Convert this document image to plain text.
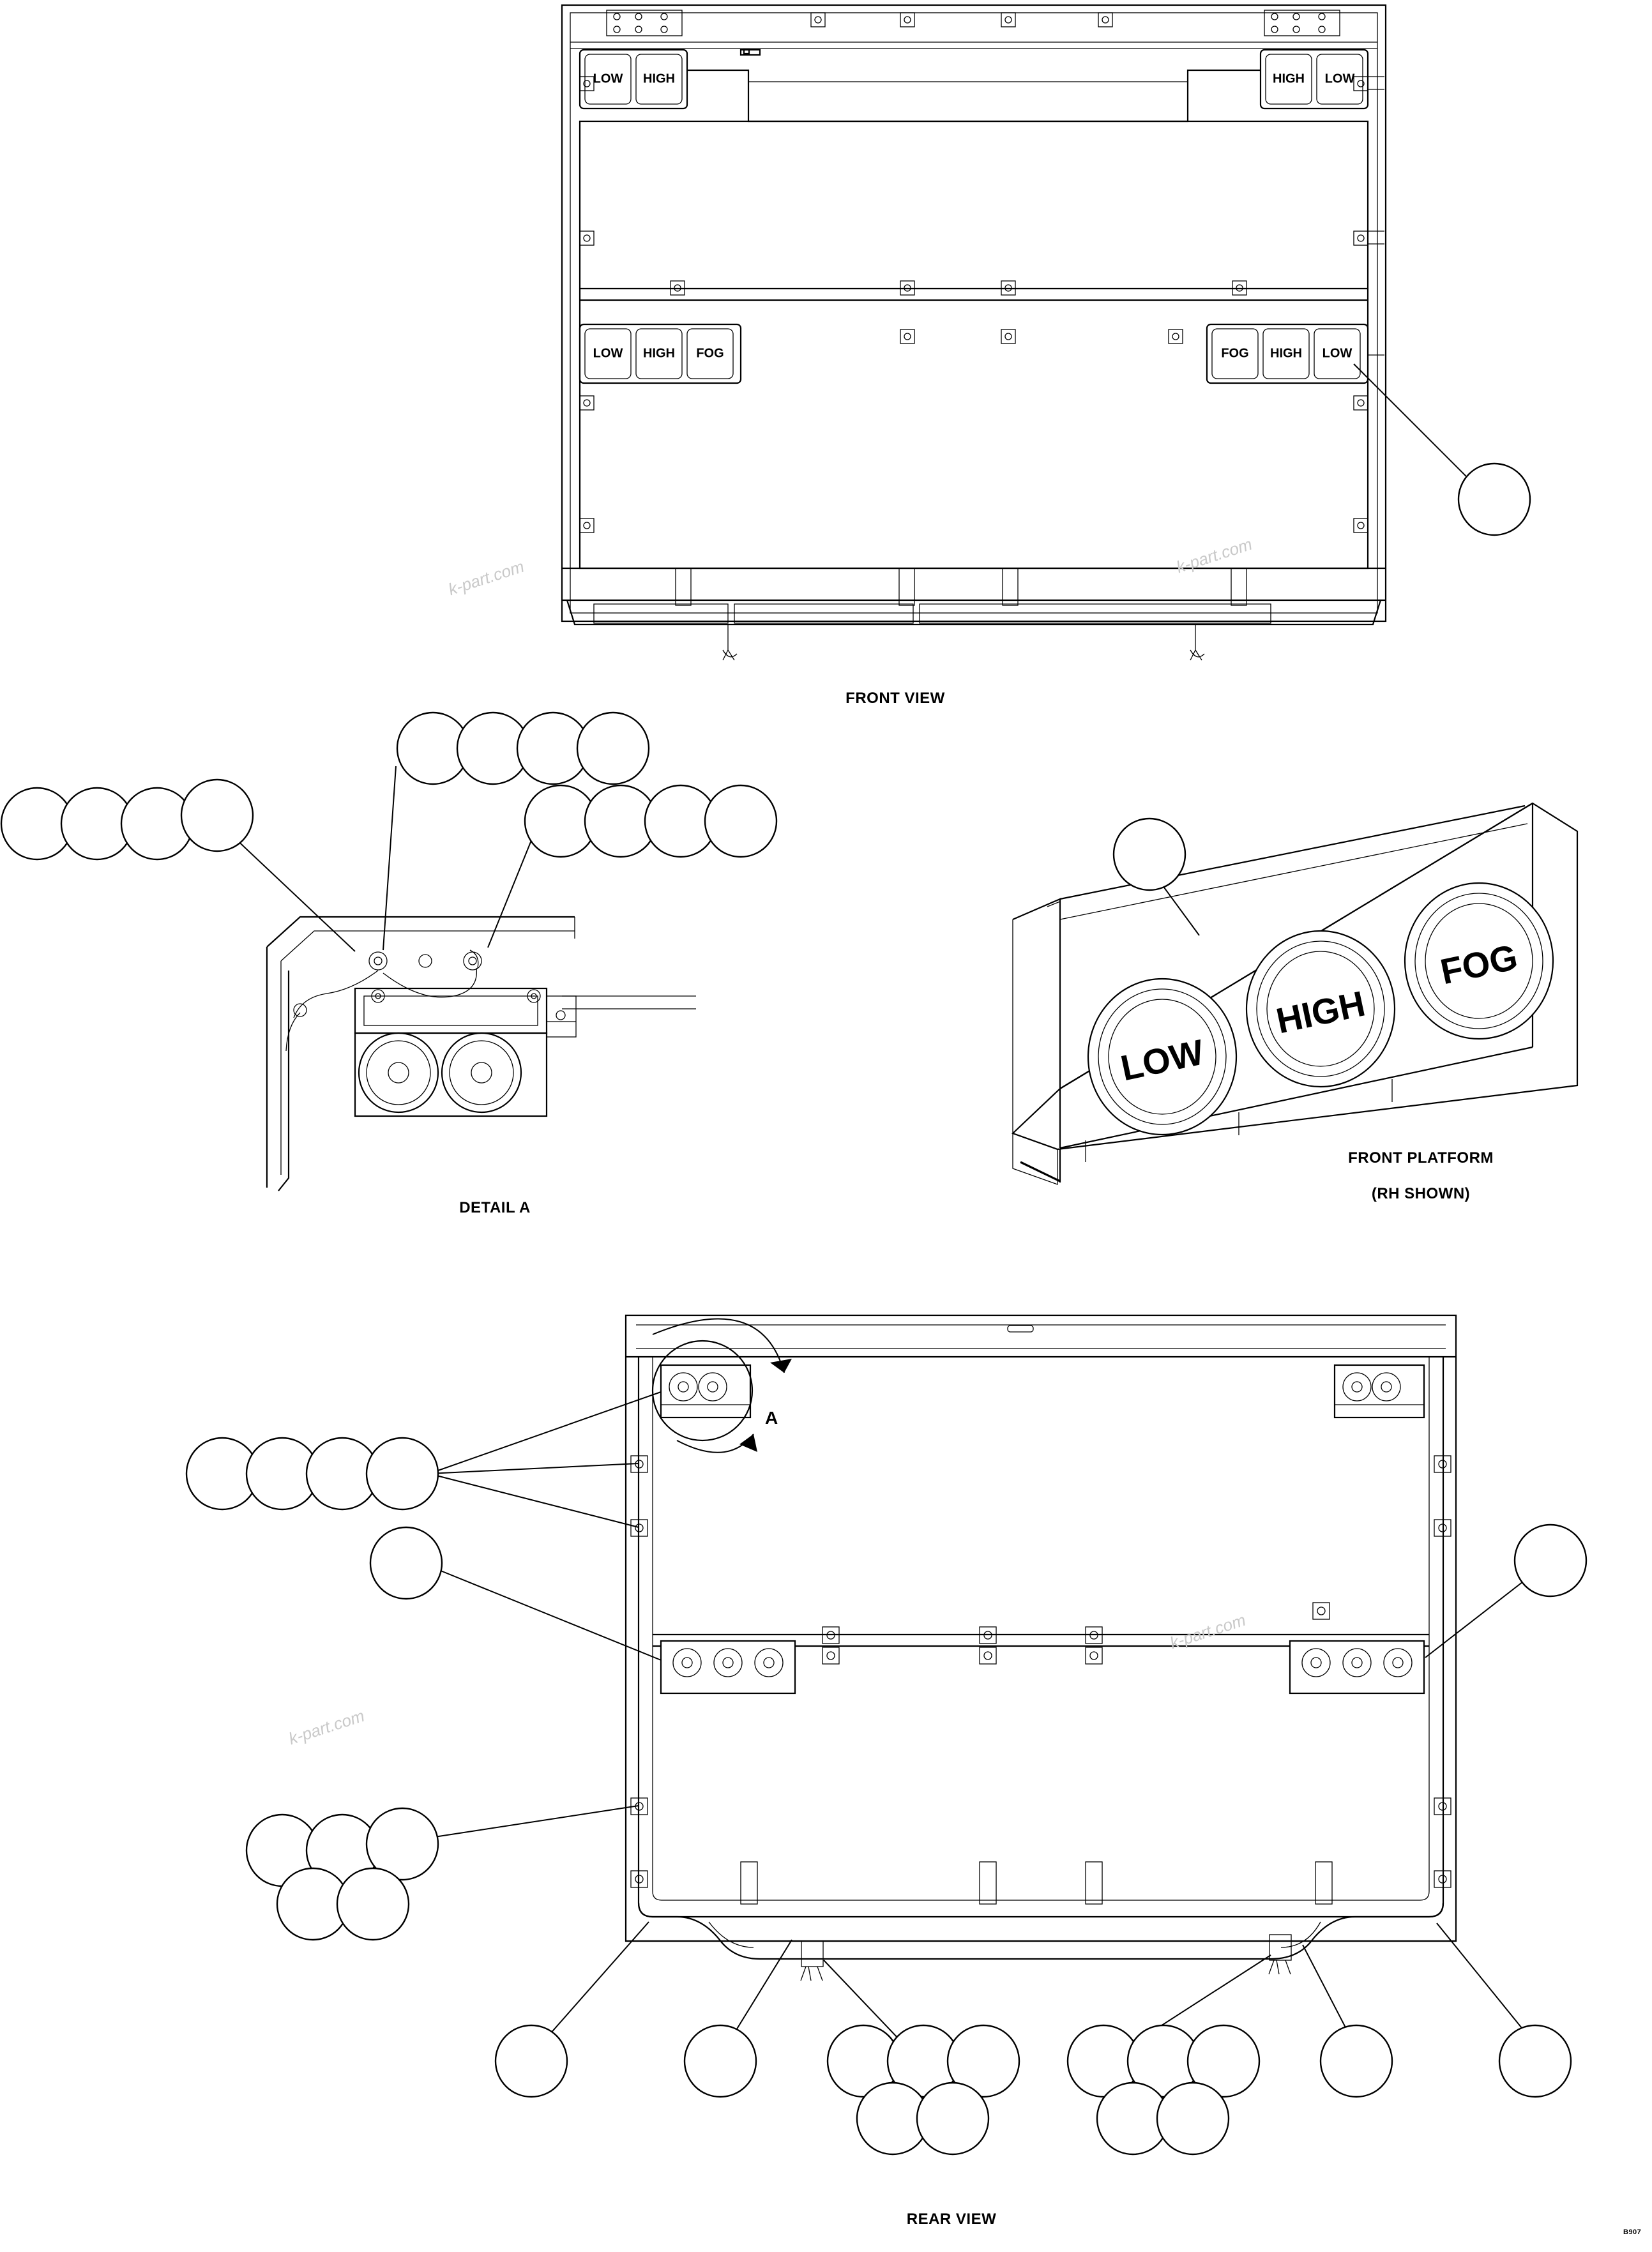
LOW HIGH	HIGH LOW
LOW HIGH FOG	FOG HIGH LOW
LOW
HIGH
FOG
FRONT VIEW
DETAIL A
FRONT PLATFORM
(RH SHOWN)
REAR VIEW
A
B907
k-part.com
k-part.com
k-part.com
k-part.com
